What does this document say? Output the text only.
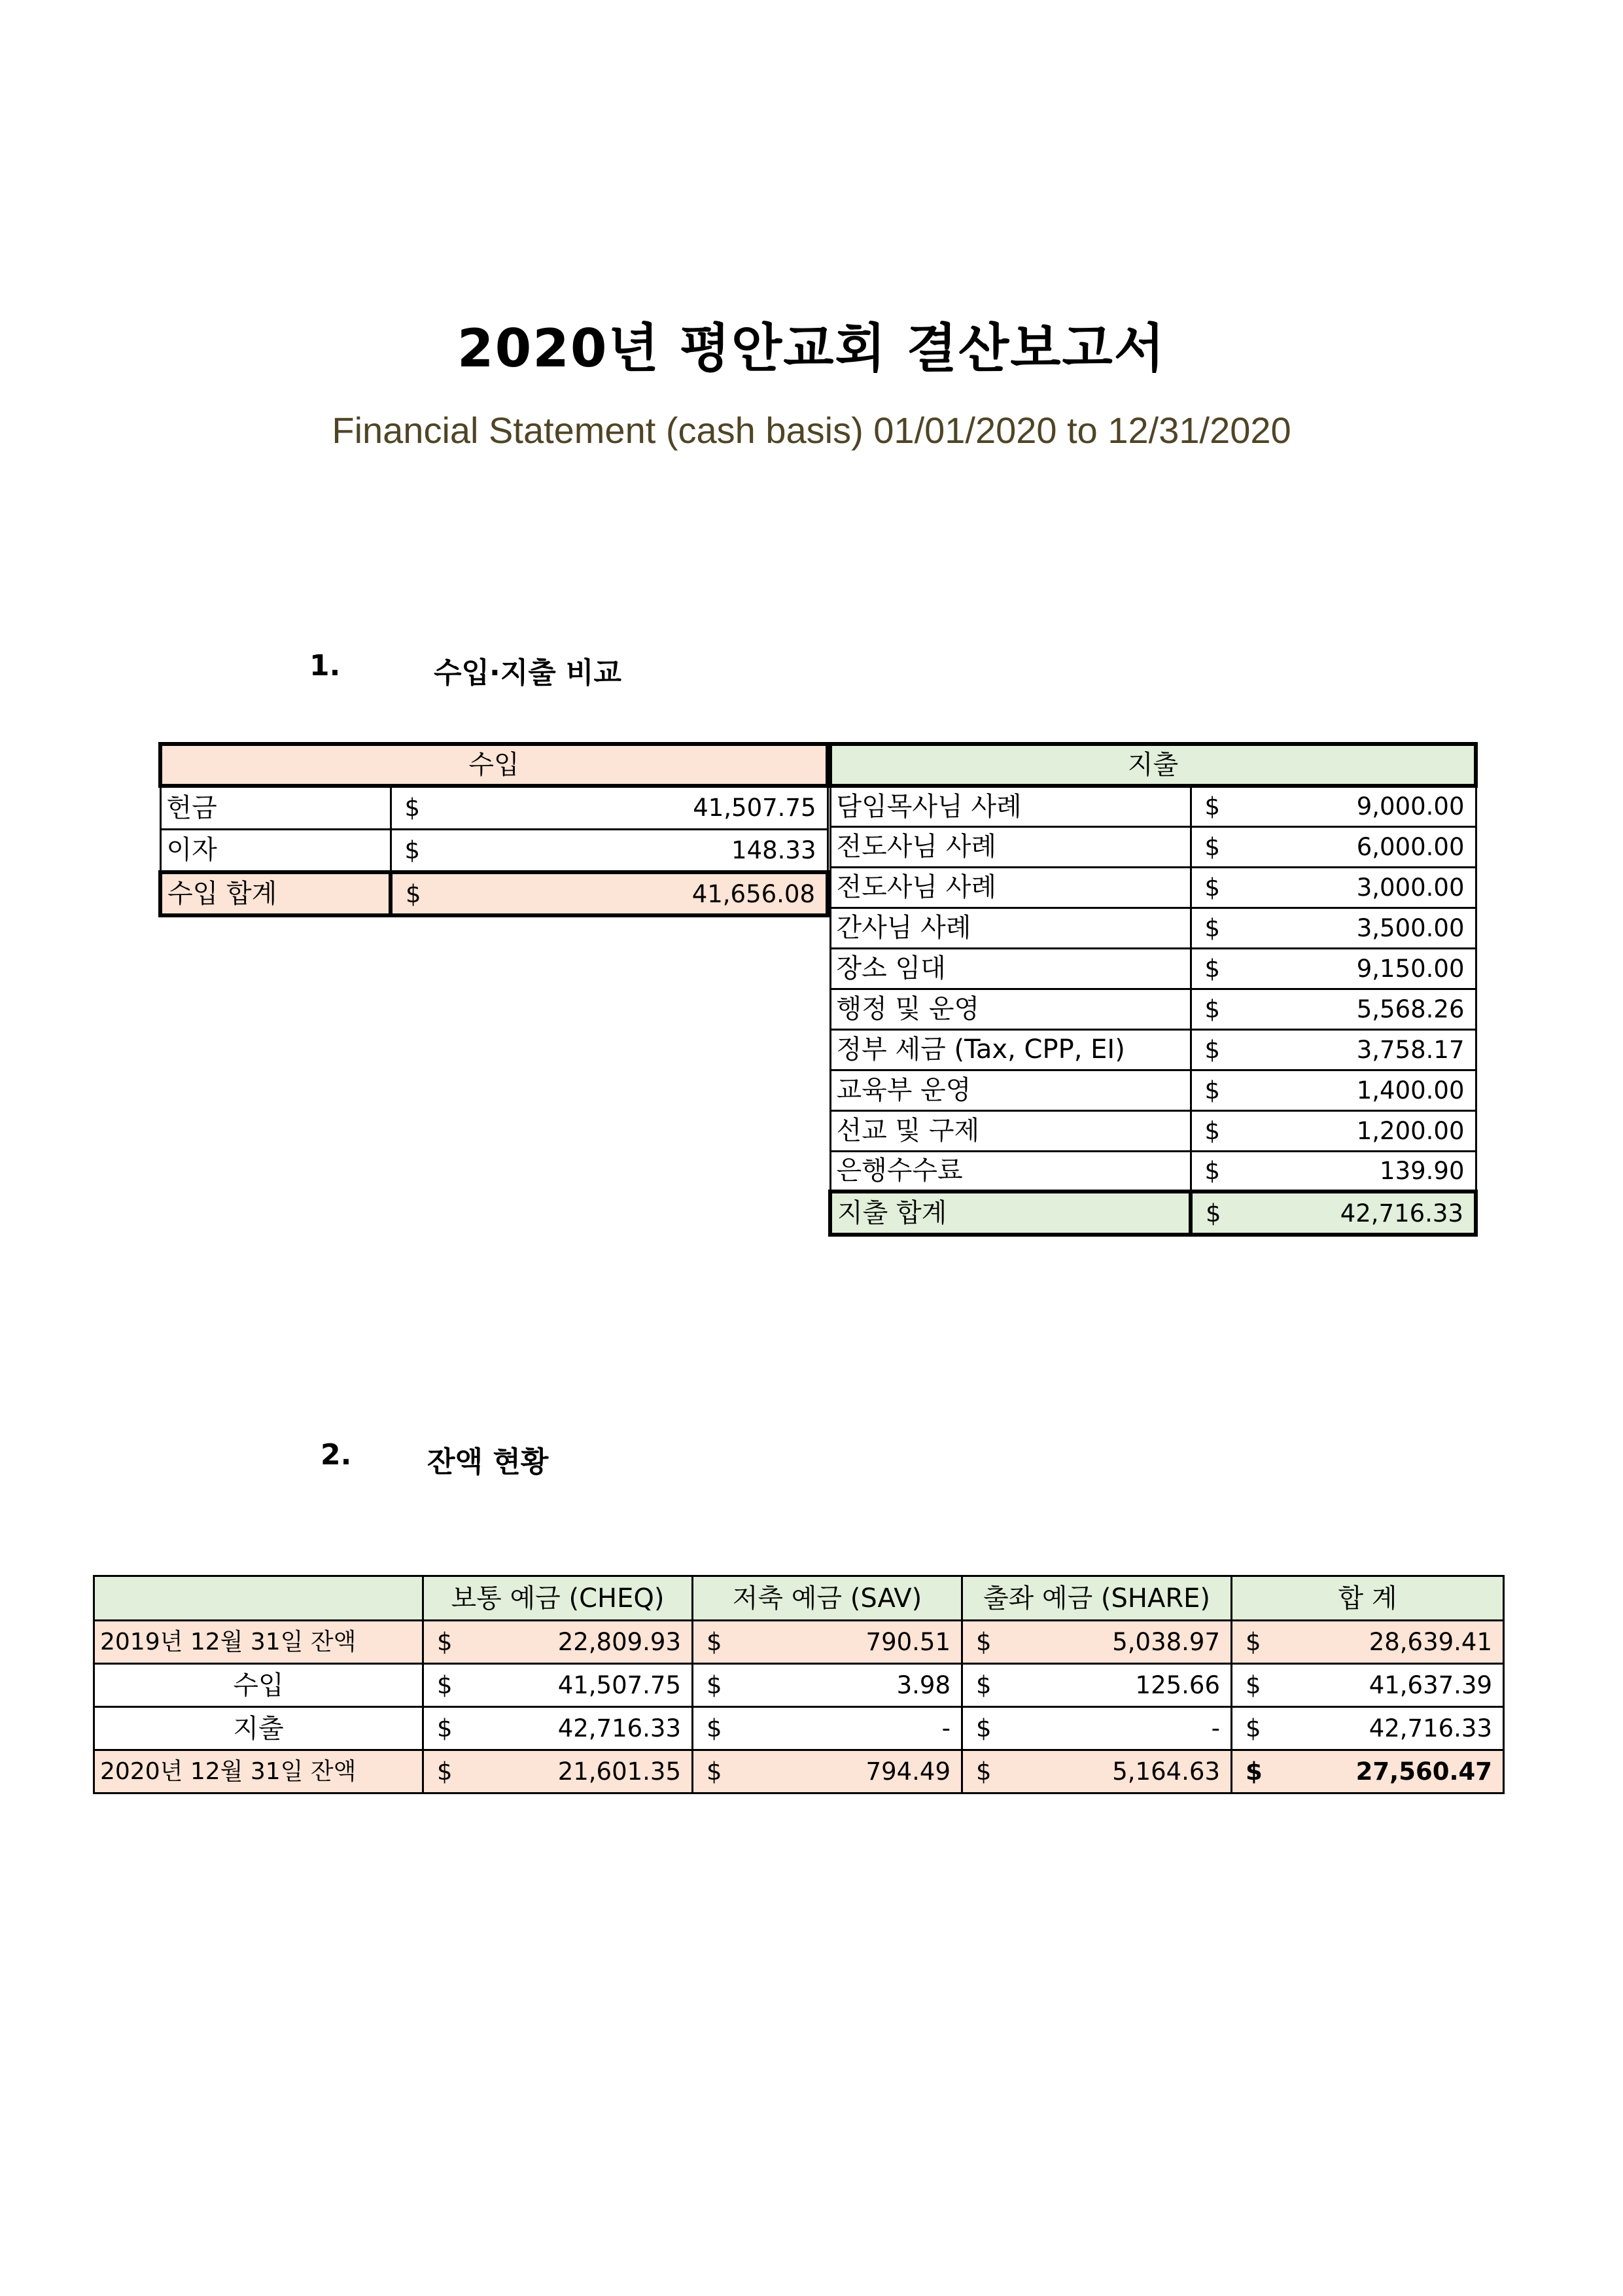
2020년 평안교회 결산보고서
Financial Statement (cash basis) 01/01/2020 to 12/31/2020
1.	수입·지출 비교
수입	
헌금	$ 41,507.75

이자	$ 148.33

수입 합계	$ 41,656.08
지출	
담임목사님 사례	$ 9,000.00

전도사님 사례	$ 6,000.00

전도사님 사례	$ 3,000.00

간사님 사례	$ 3,500.00

장소 임대	$ 9,150.00

행정 및 운영	$ 5,568.26

정부 세금 (Tax, CPP, EI)	$ 3,758.17

교육부 운영	$ 1,400.00

선교 및 구제	$ 1,200.00

은행수수료	$ 139.90

지출 합계	$ 42,716.33
2.	잔액 현황
	보통 예금 (CHEQ)	저축 예금 (SAV)	출좌 예금 (SHARE)	합 계
2019년 12월 31일 잔액	$ 22,809.93	$ 790.51	$ 5,038.97	$ 28,639.41

수입	$ 41,507.75	$ 3.98	$ 125.66	$ 41,637.39

지출	$ 42,716.33	$ -	$ -	$ 42,716.33

2020년 12월 31일 잔액	$ 21,601.35	$ 794.49	$ 5,164.63	$ 27,560.47
